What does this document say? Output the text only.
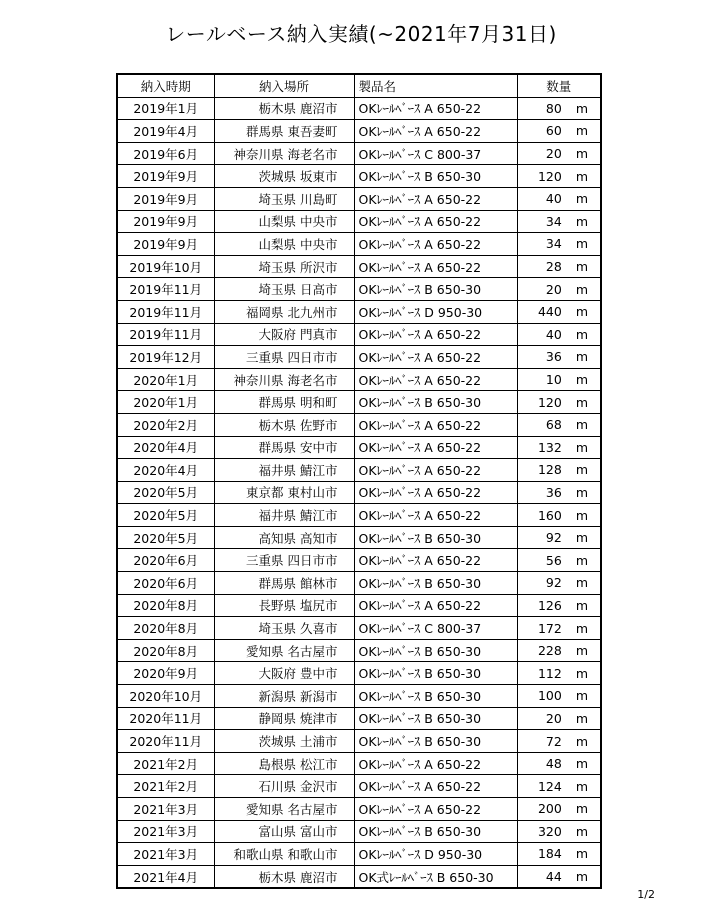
レールベース納入実績(~2021年7月31日)
納入時期	納入場所	製品名	数量
2019年1月	栃木県 鹿沼市	OKﾚｰﾙﾍﾞｰｽ A 650-22	80 m
2019年4月	群馬県 東吾妻町	OKﾚｰﾙﾍﾞｰｽ A 650-22	60 m
2019年6月	神奈川県 海老名市	OKﾚｰﾙﾍﾞｰｽ C 800-37	20 m
2019年9月	茨城県 坂東市	OKﾚｰﾙﾍﾞｰｽ B 650-30	120 m
2019年9月	埼玉県 川島町	OKﾚｰﾙﾍﾞｰｽ A 650-22	40 m
2019年9月	山梨県 中央市	OKﾚｰﾙﾍﾞｰｽ A 650-22	34 m
2019年9月	山梨県 中央市	OKﾚｰﾙﾍﾞｰｽ A 650-22	34 m
2019年10月	埼玉県 所沢市	OKﾚｰﾙﾍﾞｰｽ A 650-22	28 m
2019年11月	埼玉県 日高市	OKﾚｰﾙﾍﾞｰｽ B 650-30	20 m
2019年11月	福岡県 北九州市	OKﾚｰﾙﾍﾞｰｽ D 950-30	440 m
2019年11月	大阪府 門真市	OKﾚｰﾙﾍﾞｰｽ A 650-22	40 m
2019年12月	三重県 四日市市	OKﾚｰﾙﾍﾞｰｽ A 650-22	36 m
2020年1月	神奈川県 海老名市	OKﾚｰﾙﾍﾞｰｽ A 650-22	10 m
2020年1月	群馬県 明和町	OKﾚｰﾙﾍﾞｰｽ B 650-30	120 m
2020年2月	栃木県 佐野市	OKﾚｰﾙﾍﾞｰｽ A 650-22	68 m
2020年4月	群馬県 安中市	OKﾚｰﾙﾍﾞｰｽ A 650-22	132 m
2020年4月	福井県 鯖江市	OKﾚｰﾙﾍﾞｰｽ A 650-22	128 m
2020年5月	東京都 東村山市	OKﾚｰﾙﾍﾞｰｽ A 650-22	36 m
2020年5月	福井県 鯖江市	OKﾚｰﾙﾍﾞｰｽ A 650-22	160 m
2020年5月	高知県 高知市	OKﾚｰﾙﾍﾞｰｽ B 650-30	92 m
2020年6月	三重県 四日市市	OKﾚｰﾙﾍﾞｰｽ A 650-22	56 m
2020年6月	群馬県 館林市	OKﾚｰﾙﾍﾞｰｽ B 650-30	92 m
2020年8月	長野県 塩尻市	OKﾚｰﾙﾍﾞｰｽ A 650-22	126 m
2020年8月	埼玉県 久喜市	OKﾚｰﾙﾍﾞｰｽ C 800-37	172 m
2020年8月	愛知県 名古屋市	OKﾚｰﾙﾍﾞｰｽ B 650-30	228 m
2020年9月	大阪府 豊中市	OKﾚｰﾙﾍﾞｰｽ B 650-30	112 m
2020年10月	新潟県 新潟市	OKﾚｰﾙﾍﾞｰｽ B 650-30	100 m
2020年11月	静岡県 焼津市	OKﾚｰﾙﾍﾞｰｽ B 650-30	20 m
2020年11月	茨城県 土浦市	OKﾚｰﾙﾍﾞｰｽ B 650-30	72 m
2021年2月	島根県 松江市	OKﾚｰﾙﾍﾞｰｽ A 650-22	48 m
2021年2月	石川県 金沢市	OKﾚｰﾙﾍﾞｰｽ A 650-22	124 m
2021年3月	愛知県 名古屋市	OKﾚｰﾙﾍﾞｰｽ A 650-22	200 m
2021年3月	富山県 富山市	OKﾚｰﾙﾍﾞｰｽ B 650-30	320 m
2021年3月	和歌山県 和歌山市	OKﾚｰﾙﾍﾞｰｽ D 950-30	184 m
2021年4月	栃木県 鹿沼市	OK式ﾚｰﾙﾍﾞｰｽ B 650-30	44 m
1/2
